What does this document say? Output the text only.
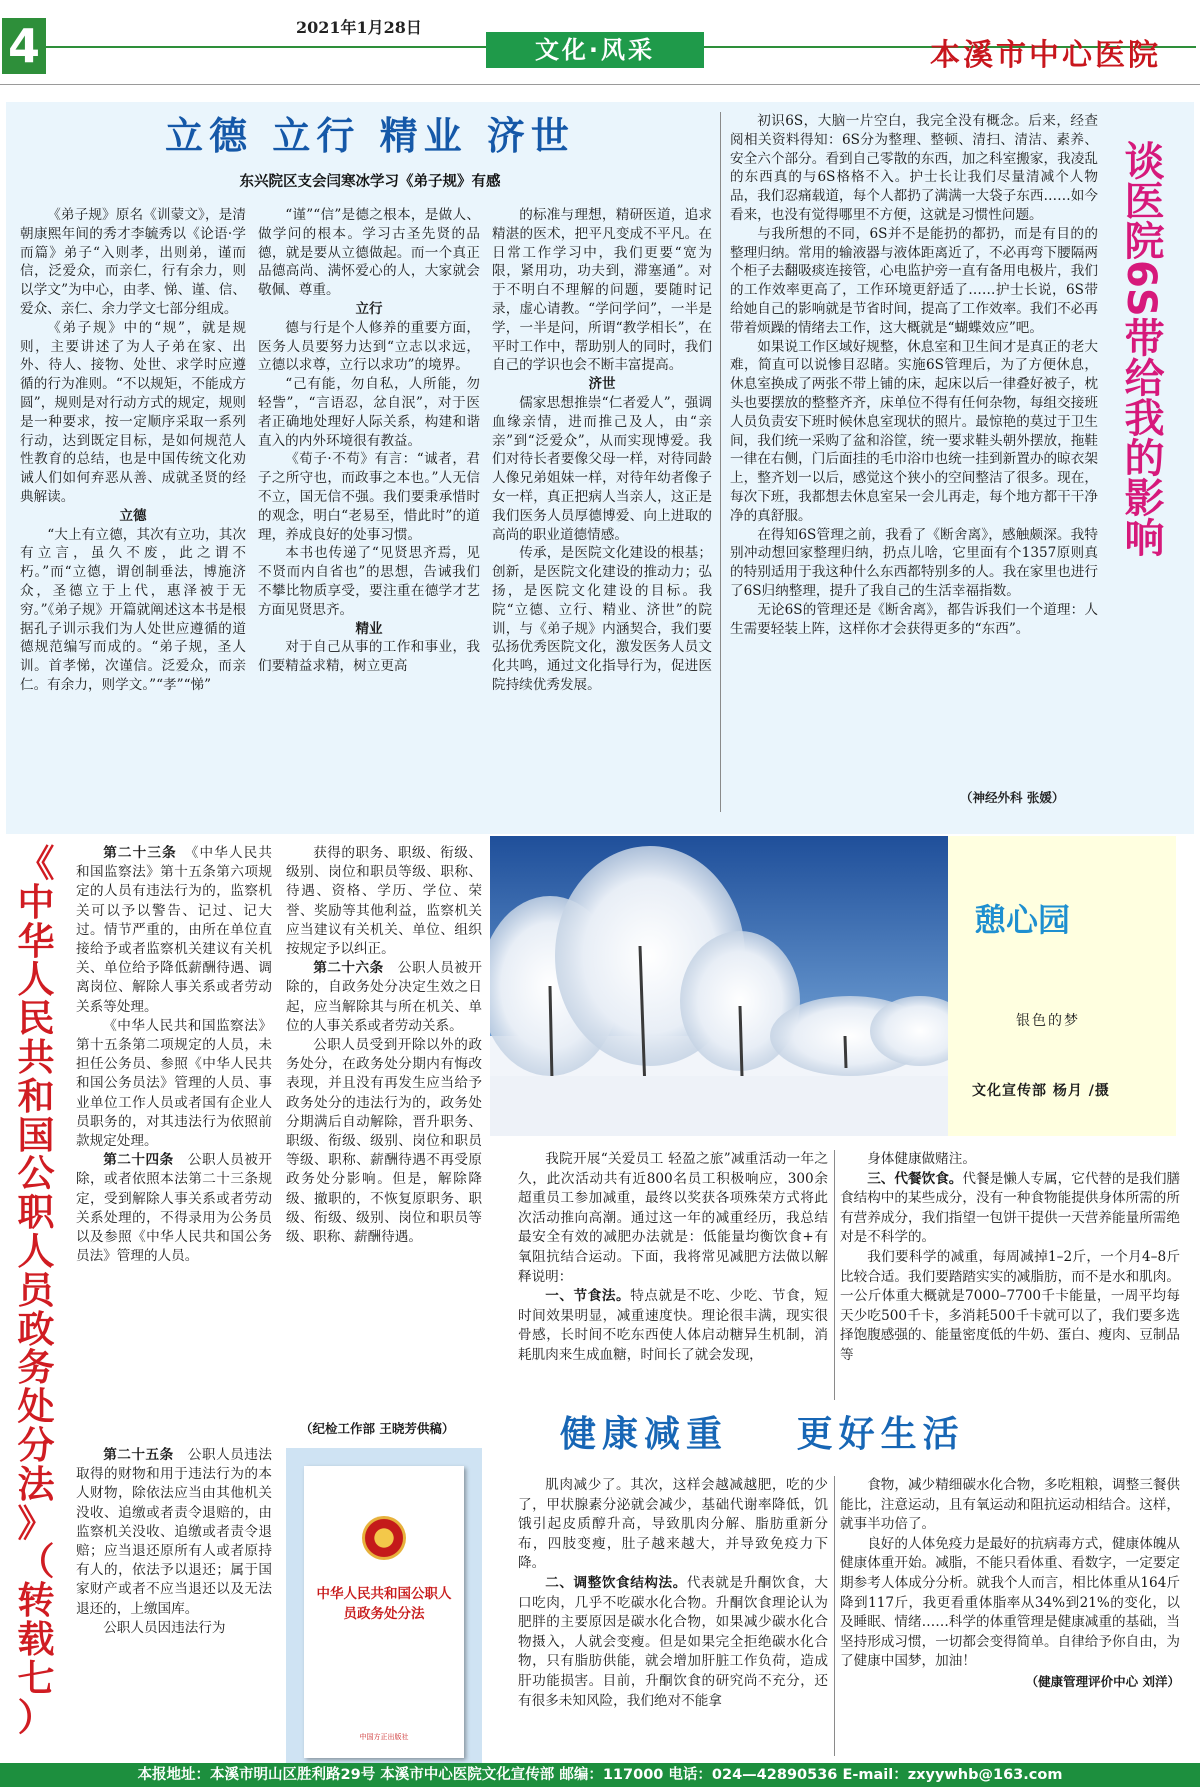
4	2021年1月28日
文化·风采	本溪市中心医院
立德 立行 精业 济世
东兴院区支会闫寒冰学习《弟子规》有感

《弟子规》原名《训蒙文》，是清朝康熙年间的秀才李毓秀以《论语·学而篇》弟子“入则孝，出则弟，谨而信，泛爱众，而亲仁，行有余力，则以学文”为中心，由孝、悌、谨、信、爱众、亲仁、余力学文七部分组成。

《弟子规》中的“规”，就是规则，主要讲述了为人子弟在家、出外、待人、接物、处世、求学时应遵循的行为准则。“不以规矩，不能成方圆”，规则是对行动方式的规定，规则是一种要求，按一定顺序采取一系列行动，达到既定目标，是如何规范人性教育的总结，也是中国传统文化劝诫人们如何弃恶从善、成就圣贤的经典解读。

立德

“大上有立德，其次有立功，其次有立言，虽久不废，此之谓不朽。”而“立德，谓创制垂法，博施济众，圣德立于上代，惠泽被于无穷。”《弟子规》开篇就阐述这本书是根据孔子训示我们为人处世应遵循的道德规范编写而成的。“弟子规，圣人训。首孝悌，次谨信。泛爱众，而亲仁。有余力，则学文。”“孝”“悌”

“谨”“信”是德之根本，是做人、做学问的根本。学习古圣先贤的品德，就是要从立德做起。而一个真正品德高尚、满怀爱心的人，大家就会敬佩、尊重。

立行

德与行是个人修养的重要方面，医务人员要努力达到“立志以求远，立德以求尊，立行以求功”的境界。

“己有能，勿自私，人所能，勿轻訾”，“言语忍，忿自泯”，对于医者正确地处理好人际关系，构建和谐直入的内外环境很有教益。

《荀子·不苟》有言：“诚者，君子之所守也，而政事之本也。”人无信不立，国无信不强。我们要秉承惜时的观念，明白“老易至，惜此时”的道理，养成良好的处事习惯。

本书也传递了“见贤思齐焉，见不贤而内自省也”的思想，告诫我们不攀比物质享受，要注重在德学才艺方面见贤思齐。

精业

对于自己从事的工作和事业，我们要精益求精，树立更高

的标准与理想，精研医道，追求精湛的医术，把平凡变成不平凡。在日常工作学习中，我们更要“宽为限，紧用功，功夫到，滞塞通”。对于不明白不理解的问题，要随时记录，虚心请教。“学问学问”，一半是学，一半是问，所谓“教学相长”，在平时工作中，帮助别人的同时，我们自己的学识也会不断丰富提高。

济世

儒家思想推崇“仁者爱人”，强调血缘亲情，进而推己及人，由“亲亲”到“泛爱众”，从而实现博爱。我们对待长者要像父母一样，对待同龄人像兄弟姐妹一样，对待年幼者像子女一样，真正把病人当亲人，这正是我们医务人员厚德博爱、向上进取的高尚的职业道德情感。

传承，是医院文化建设的根基；创新，是医院文化建设的推动力；弘扬，是医院文化建设的目标。我院“立德、立行、精业、济世”的院训，与《弟子规》内涵契合，我们要弘扬优秀医院文化，激发医务人员文化共鸣，通过文化指导行为，促进医院持续优秀发展。

初识6S，大脑一片空白，我完全没有概念。后来，经查阅相关资料得知：6S分为整理、整顿、清扫、清洁、素养、安全六个部分。看到自己零散的东西，加之科室搬家，我凌乱的东西真的与6S格格不入。护士长让我们尽量清减个人物品，我们忍痛载道，每个人都扔了满满一大袋子东西……如今看来，也没有觉得哪里不方便，这就是习惯性问题。

与我所想的不同，6S并不是能扔的都扔，而是有目的的整理归纳。常用的输液器与液体距离近了，不必再弯下腰隔两个柜子去翻吸痰连接管，心电监护旁一直有备用电极片，我们的工作效率更高了，工作环境更舒适了……护士长说，6S带给她自己的影响就是节省时间，提高了工作效率。我们不必再带着烦躁的情绪去工作，这大概就是“蝴蝶效应”吧。

如果说工作区域好规整，休息室和卫生间才是真正的老大难，简直可以说惨目忍睹。实施6S管理后，为了方便休息，休息室换成了两张不带上铺的床，起床以后一律叠好被子，枕头也要摆放的整整齐齐，床单位不得有任何杂物，每组交接班人员负责安下班时候休息室现状的照片。最惊艳的莫过于卫生间，我们统一采购了盆和浴筐，统一要求鞋头朝外摆放，拖鞋一律在右侧，门后面挂的毛巾浴巾也统一挂到新置办的晾衣架上，整齐划一以后，感觉这个狭小的空间整洁了很多。现在，每次下班，我都想去休息室呆一会儿再走，每个地方都干干净净的真舒服。

在得知6S管理之前，我看了《断舍离》，感触颇深。我特别冲动想回家整理归纳，扔点儿啥，它里面有个1357原则真的特别适用于我这种什么东西都特别多的人。我在家里也进行了6S归纳整理，提升了我自己的生活幸福指数。

无论6S的管理还是《断舍离》，都告诉我们一个道理：人生需要轻装上阵，这样你才会获得更多的“东西”。

谈医院6S带给我的影响
（神经外科 张媛）
《
中
华
人
民
共
和
国
公
职
人
员
政
务
处
分
法
》
（
转
载
七
）

第二十三条　《中华人民共和国监察法》第十五条第六项规定的人员有违法行为的，监察机关可以予以警告、记过、记大过。情节严重的，由所在单位直接给予或者监察机关建议有关机关、单位给予降低薪酬待遇、调离岗位、解除人事关系或者劳动关系等处理。

《中华人民共和国监察法》第十五条第二项规定的人员，未担任公务员、参照《中华人民共和国公务员法》管理的人员、事业单位工作人员或者国有企业人员职务的，对其违法行为依照前款规定处理。

第二十四条　公职人员被开除，或者依照本法第二十三条规定，受到解除人事关系或者劳动关系处理的，不得录用为公务员以及参照《中华人民共和国公务员法》管理的人员。

第二十五条　公职人员违法取得的财物和用于违法行为的本人财物，除依法应当由其他机关没收、追缴或者责令退赔的，由监察机关没收、追缴或者责令退赔；应当退还原所有人或者原持有人的，依法予以退还；属于国家财产或者不应当退还以及无法退还的，上缴国库。

公职人员因违法行为

获得的职务、职级、衔级、级别、岗位和职员等级、职称、待遇、资格、学历、学位、荣誉、奖励等其他利益，监察机关应当建议有关机关、单位、组织按规定予以纠正。

第二十六条　公职人员被开除的，自政务处分决定生效之日起，应当解除其与所在机关、单位的人事关系或者劳动关系。

公职人员受到开除以外的政务处分，在政务处分期内有悔改表现，并且没有再发生应当给予政务处分的违法行为的，政务处分期满后自动解除，晋升职务、职级、衔级、级别、岗位和职员等级、职称、薪酬待遇不再受原政务处分影响。但是，解除降级、撤职的，不恢复原职务、职级、衔级、级别、岗位和职员等级、职称、薪酬待遇。

（纪检工作部 王晓芳供稿）
中华人民共和国公职人员政务处分法
中国方正出版社
憩心园
银色的梦
文化宣传部 杨月 /摄

我院开展“关爱员工 轻盈之旅”减重活动一年之久，此次活动共有近800名员工积极响应，300余超重员工参加减重，最终以奖获各项殊荣方式将此次活动推向高潮。通过这一年的减重经历，我总结最安全有效的减肥办法就是：低能量均衡饮食+有氧阻抗结合运动。下面，我将常见减肥方法做以解释说明：

一、节食法。特点就是不吃、少吃、节食，短时间效果明显，减重速度快。理论很丰满，现实很骨感，长时间不吃东西使人体启动糖异生机制，消耗肌肉来生成血糖，时间长了就会发现，

身体健康做赌注。

三、代餐饮食。代餐是懒人专属，它代替的是我们膳食结构中的某些成分，没有一种食物能提供身体所需的所有营养成分，我们指望一包饼干提供一天营养能量所需绝对是不科学的。

我们要科学的减重，每周减掉1–2斤，一个月4–8斤比较合适。我们要踏踏实实的减脂肪，而不是水和肌肉。一公斤体重大概就是7000–7700千卡能量，一周平均每天少吃500千卡，多消耗500千卡就可以了，我们要多选择饱腹感强的、能量密度低的牛奶、蛋白、瘦肉、豆制品等

健康减重 更好生活

肌肉减少了。其次，这样会越减越肥，吃的少了，甲状腺素分泌就会减少，基础代谢率降低，饥饿引起皮质醇升高，导致肌肉分解、脂肪重新分布，四肢变瘦，肚子越来越大，并导致免疫力下降。

二、调整饮食结构法。代表就是升酮饮食，大口吃肉，几乎不吃碳水化合物。升酮饮食理论认为肥胖的主要原因是碳水化合物，如果减少碳水化合物摄入，人就会变瘦。但是如果完全拒绝碳水化合物，只有脂肪供能，就会增加肝脏工作负荷，造成肝功能损害。目前，升酮饮食的研究尚不充分，还有很多未知风险，我们绝对不能拿

食物，减少精细碳水化合物，多吃粗粮，调整三餐供能比，注意运动，且有氧运动和阻抗运动相结合。这样，就事半功倍了。

良好的人体免疫力是最好的抗病毒方式，健康体魄从健康体重开始。减脂，不能只看体重、看数字，一定要定期参考人体成分分析。就我个人而言，相比体重从164斤降到117斤，我更看重体脂率从34%到21%的变化，以及睡眠、情绪……科学的体重管理是健康减重的基础，当坚持形成习惯，一切都会变得简单。自律给予你自由，为了健康中国梦，加油！

（健康管理评价中心 刘洋）

本报地址：本溪市明山区胜利路29号 本溪市中心医院文化宣传部 邮编：117000 电话：024—42890536 E-mail：zxyywhb@163.com
